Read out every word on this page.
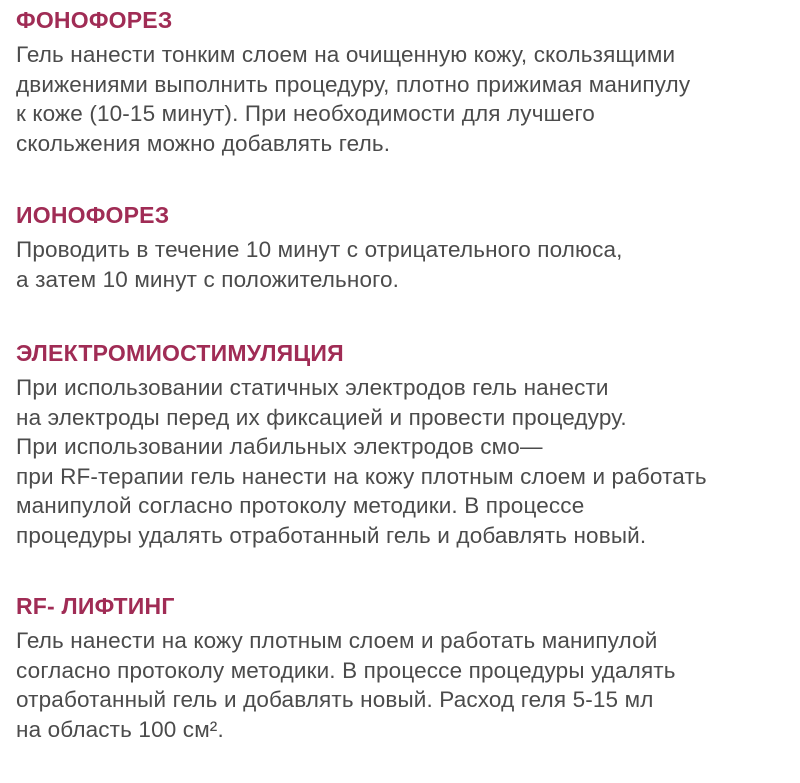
ФОНОФОРЕЗ
Гель нанести тонким слоем на очищенную кожу, скользящими
движениями выполнить процедуру, плотно прижимая манипулу
к коже (10-15 минут). При необходимости для лучшего
скольжения можно добавлять гель.
ИОНОФОРЕЗ
Проводить в течение 10 минут с отрицательного полюса,
а затем 10 минут с положительного.
ЭЛЕКТРОМИОСТИМУЛЯЦИЯ
При использовании статичных электродов гель нанести
на электроды перед их фиксацией и провести процедуру.
При использовании лабильных электродов смо—
при RF-терапии гель нанести на кожу плотным слоем и работать
манипулой согласно протоколу методики. В процессе
процедуры удалять отработанный гель и добавлять новый.
RF- ЛИФТИНГ
Гель нанести на кожу плотным слоем и работать манипулой
согласно протоколу методики. В процессе процедуры удалять
отработанный гель и добавлять новый. Расход геля 5-15 мл
на область 100 см².
